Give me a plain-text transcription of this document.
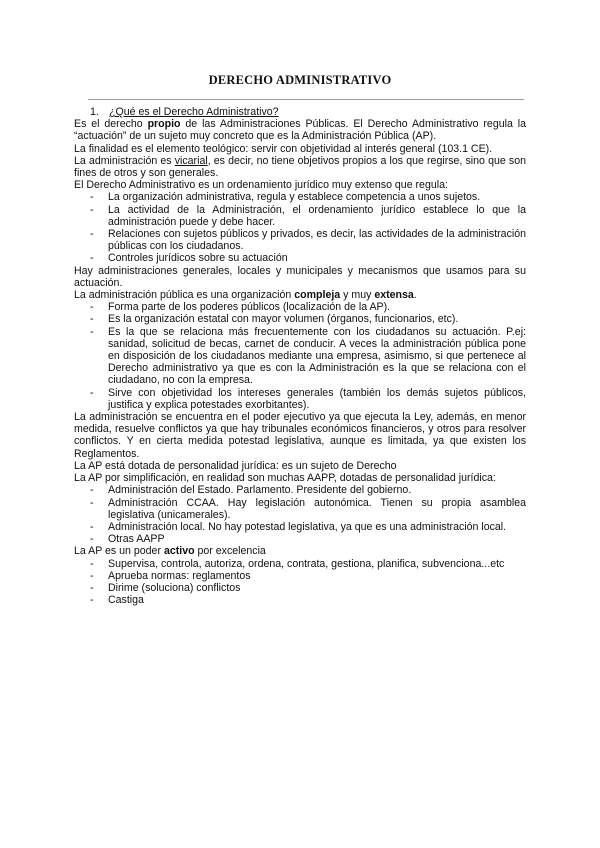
DERECHO ADMINISTRATIVO

1. ¿Qué es el Derecho Administrativo?

Es el derecho propio de las Administraciones Públicas. El Derecho Administrativo regula la “actuación” de un sujeto muy concreto que es la Administración Pública (AP).

La finalidad es el elemento teológico: servir con objetividad al interés general (103.1 CE).

La administración es vicarial, es decir, no tiene objetivos propios a los que regirse, sino que son fines de otros y son generales.

El Derecho Administrativo es un ordenamiento jurídico muy extenso que regula:

- La organización administrativa, regula y establece competencia a unos sujetos.
- La actividad de la Administración, el ordenamiento jurídico establece lo que la administración puede y debe hacer.
- Relaciones con sujetos públicos y privados, es decir, las actividades de la administración públicas con los ciudadanos.
- Controles jurídicos sobre su actuación

Hay administraciones generales, locales y municipales y mecanismos que usamos para su actuación.

La administración pública es una organización compleja y muy extensa.

- Forma parte de los poderes públicos (localización de la AP).
- Es la organización estatal con mayor volumen (órganos, funcionarios, etc).
- Es la que se relaciona más frecuentemente con los ciudadanos su actuación. P.ej: sanidad, solicitud de becas, carnet de conducir. A veces la administración pública pone en disposición de los ciudadanos mediante una empresa, asimismo, si que pertenece al Derecho administrativo ya que es con la Administración es la que se relaciona con el ciudadano, no con la empresa.
- Sirve con objetividad los intereses generales (también los demás sujetos públicos, justifica y explica potestades exorbitantes).

La administración se encuentra en el poder ejecutivo ya que ejecuta la Ley, además, en menor medida, resuelve conflictos ya que hay tribunales económicos financieros, y otros para resolver conflictos. Y en cierta medida potestad legislativa, aunque es limitada, ya que existen los Reglamentos.

La AP está dotada de personalidad jurídica: es un sujeto de Derecho

La AP por simplificación, en realidad son muchas AAPP, dotadas de personalidad jurídica:

- Administración del Estado. Parlamento. Presidente del gobierno.
- Administración CCAA. Hay legislación autonómica. Tienen su propia asamblea legislativa (unicamerales).
- Administración local. No hay potestad legislativa, ya que es una administración local.
- Otras AAPP

La AP es un poder activo por excelencia

- Supervisa, controla, autoriza, ordena, contrata, gestiona, planifica, subvenciona...etc
- Aprueba normas: reglamentos
- Dirime (soluciona) conflictos
- Castiga
